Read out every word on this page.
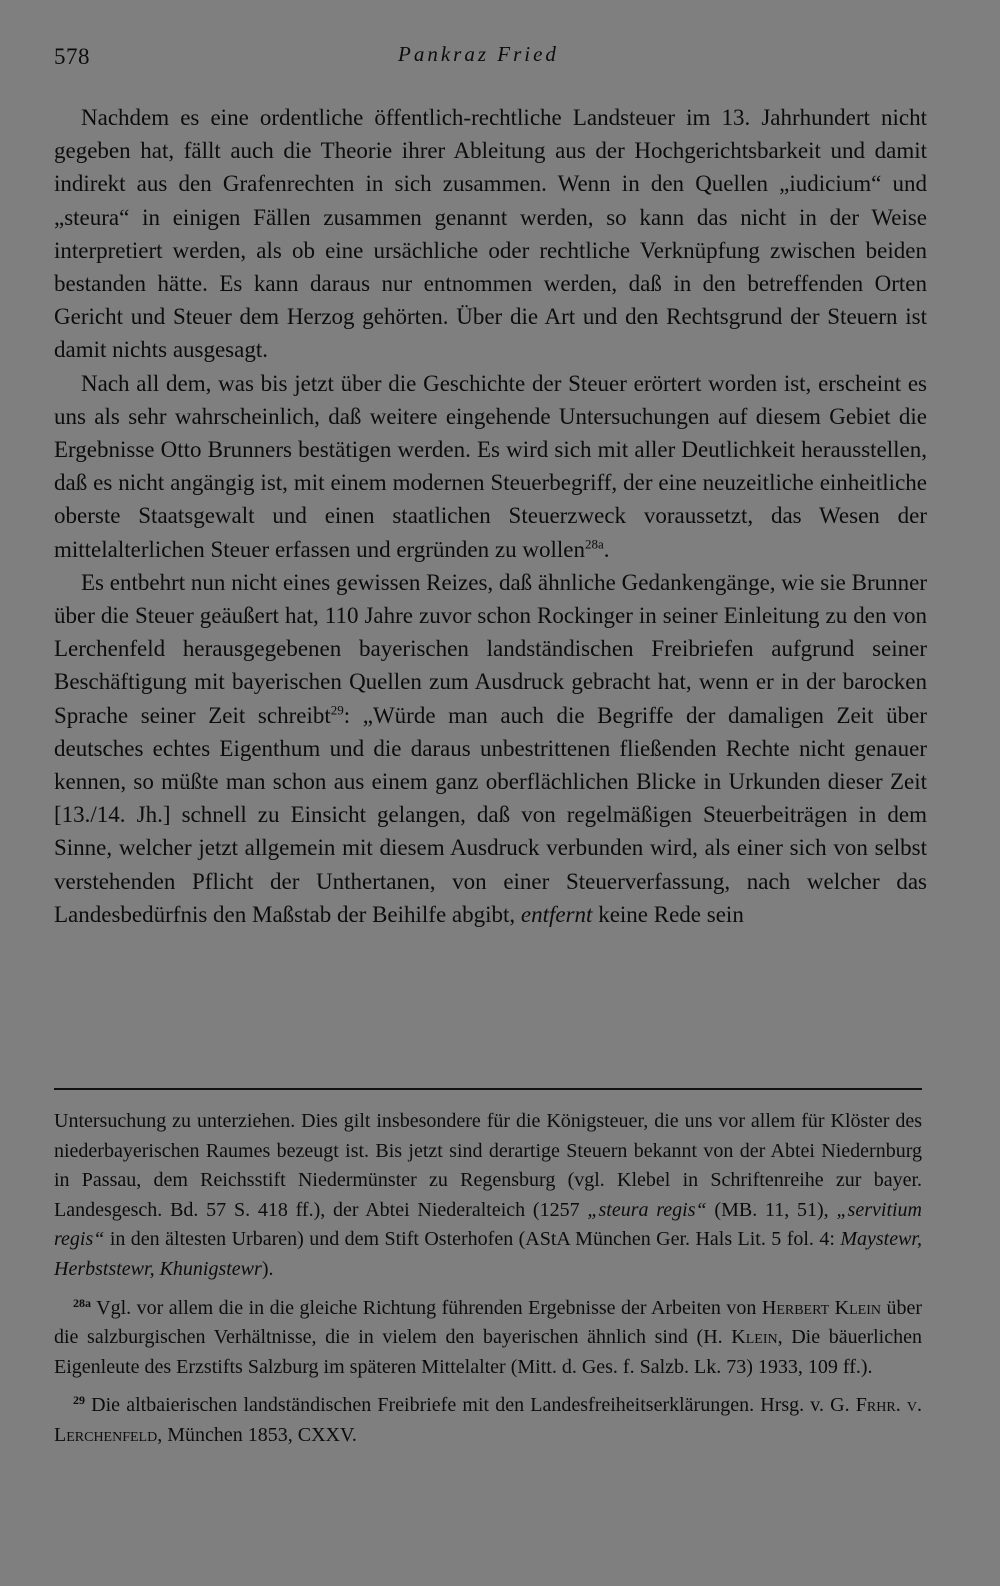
578	Pankraz Fried

Nachdem es eine ordentliche öffentlich-rechtliche Landsteuer im 13. Jahrhundert nicht gegeben hat, fällt auch die Theorie ihrer Ableitung aus der Hochgerichtsbarkeit und damit indirekt aus den Grafenrechten in sich zusammen. Wenn in den Quellen „iudicium“ und „steura“ in einigen Fällen zusammen genannt werden, so kann das nicht in der Weise interpretiert werden, als ob eine ursächliche oder rechtliche Verknüpfung zwischen beiden bestanden hätte. Es kann daraus nur entnommen werden, daß in den betreffenden Orten Gericht und Steuer dem Herzog gehörten. Über die Art und den Rechtsgrund der Steuern ist damit nichts ausgesagt.

Nach all dem, was bis jetzt über die Geschichte der Steuer erörtert worden ist, erscheint es uns als sehr wahrscheinlich, daß weitere eingehende Untersuchungen auf diesem Gebiet die Ergebnisse Otto Brunners bestätigen werden. Es wird sich mit aller Deutlichkeit herausstellen, daß es nicht angängig ist, mit einem modernen Steuerbegriff, der eine neuzeitliche einheitliche oberste Staatsgewalt und einen staatlichen Steuerzweck voraussetzt, das Wesen der mittelalterlichen Steuer erfassen und ergründen zu wollen$^{28a}$.

Es entbehrt nun nicht eines gewissen Reizes, daß ähnliche Gedankengänge, wie sie Brunner über die Steuer geäußert hat, 110 Jahre zuvor schon Rockinger in seiner Einleitung zu den von Lerchenfeld herausgegebenen bayerischen landständischen Freibriefen aufgrund seiner Beschäftigung mit bayerischen Quellen zum Ausdruck gebracht hat, wenn er in der barocken Sprache seiner Zeit schreibt$^{29}$: „Würde man auch die Begriffe der damaligen Zeit über deutsches echtes Eigenthum und die daraus unbestrittenen fließenden Rechte nicht genauer kennen, so müßte man schon aus einem ganz oberflächlichen Blicke in Urkunden dieser Zeit [13./14. Jh.] schnell zu Einsicht gelangen, daß von regelmäßigen Steuerbeiträgen in dem Sinne, welcher jetzt allgemein mit diesem Ausdruck verbunden wird, als einer sich von selbst verstehenden Pflicht der Unthertanen, von einer Steuerverfassung, nach welcher das Landesbedürfnis den Maßstab der Beihilfe abgibt, entfernt keine Rede sein

Untersuchung zu unterziehen. Dies gilt insbesondere für die Königsteuer, die uns vor allem für Klöster des niederbayerischen Raumes bezeugt ist. Bis jetzt sind derartige Steuern bekannt von der Abtei Niedernburg in Passau, dem Reichsstift Niedermünster zu Regensburg (vgl. Klebel in Schriftenreihe zur bayer. Landesgesch. Bd. 57 S. 418 ff.), der Abtei Niederalteich (1257 „steura regis“ (MB. 11, 51), „servitium regis“ in den ältesten Urbaren) und dem Stift Osterhofen (AStA München Ger. Hals Lit. 5 fol. 4: Maystewr, Herbststewr, Khunigstewr).

$^{28a}$ Vgl. vor allem die in die gleiche Richtung führenden Ergebnisse der Arbeiten von Herbert Klein über die salzburgischen Verhältnisse, die in vielem den bayerischen ähnlich sind (H. Klein, Die bäuerlichen Eigenleute des Erzstifts Salzburg im späteren Mittelalter (Mitt. d. Ges. f. Salzb. Lk. 73) 1933, 109 ff.).

$^{29}$ Die altbaierischen landständischen Freibriefe mit den Landesfreiheitserklärungen. Hrsg. v. G. Frhr. v. Lerchenfeld, München 1853, CXXV.
